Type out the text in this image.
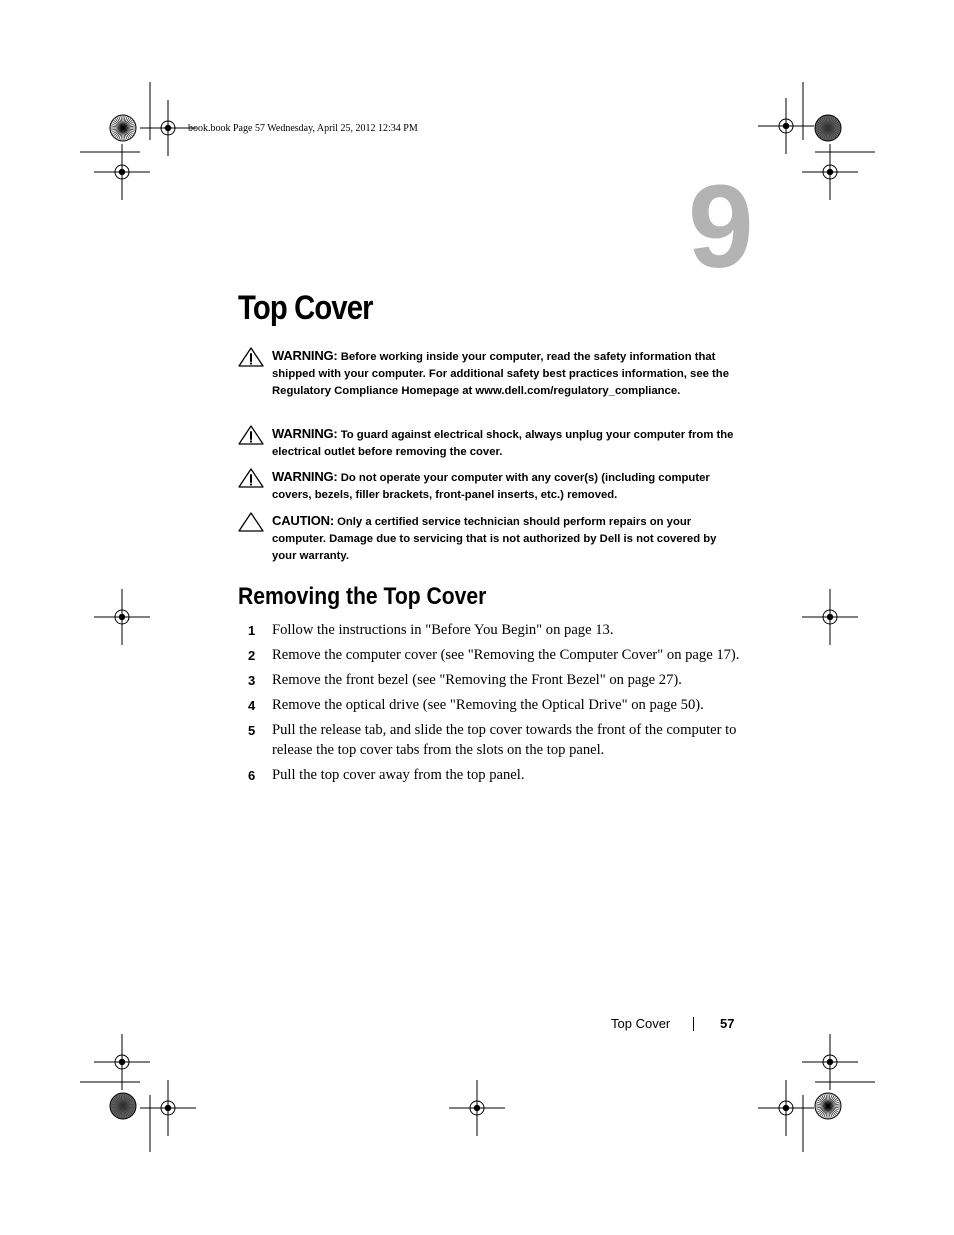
book.book Page 57 Wednesday, April 25, 2012 12:34 PM
9
Top Cover
WARNING: Before working inside your computer, read the safety information that shipped with your computer. For additional safety best practices information, see the Regulatory Compliance Homepage at www.dell.com/regulatory_compliance.
WARNING: To guard against electrical shock, always unplug your computer from the electrical outlet before removing the cover.
WARNING: Do not operate your computer with any cover(s) (including computer covers, bezels, filler brackets, front-panel inserts, etc.) removed.
CAUTION: Only a certified service technician should perform repairs on your computer. Damage due to servicing that is not authorized by Dell is not covered by your warranty.
Removing the Top Cover
1 Follow the instructions in "Before You Begin" on page 13.
2 Remove the computer cover (see "Removing the Computer Cover" on page 17).
3 Remove the front bezel (see "Removing the Front Bezel" on page 27).
4 Remove the optical drive (see "Removing the Optical Drive" on page 50).
5 Pull the release tab, and slide the top cover towards the front of the computer to release the top cover tabs from the slots on the top panel.
6 Pull the top cover away from the top panel.
Top Cover	57
